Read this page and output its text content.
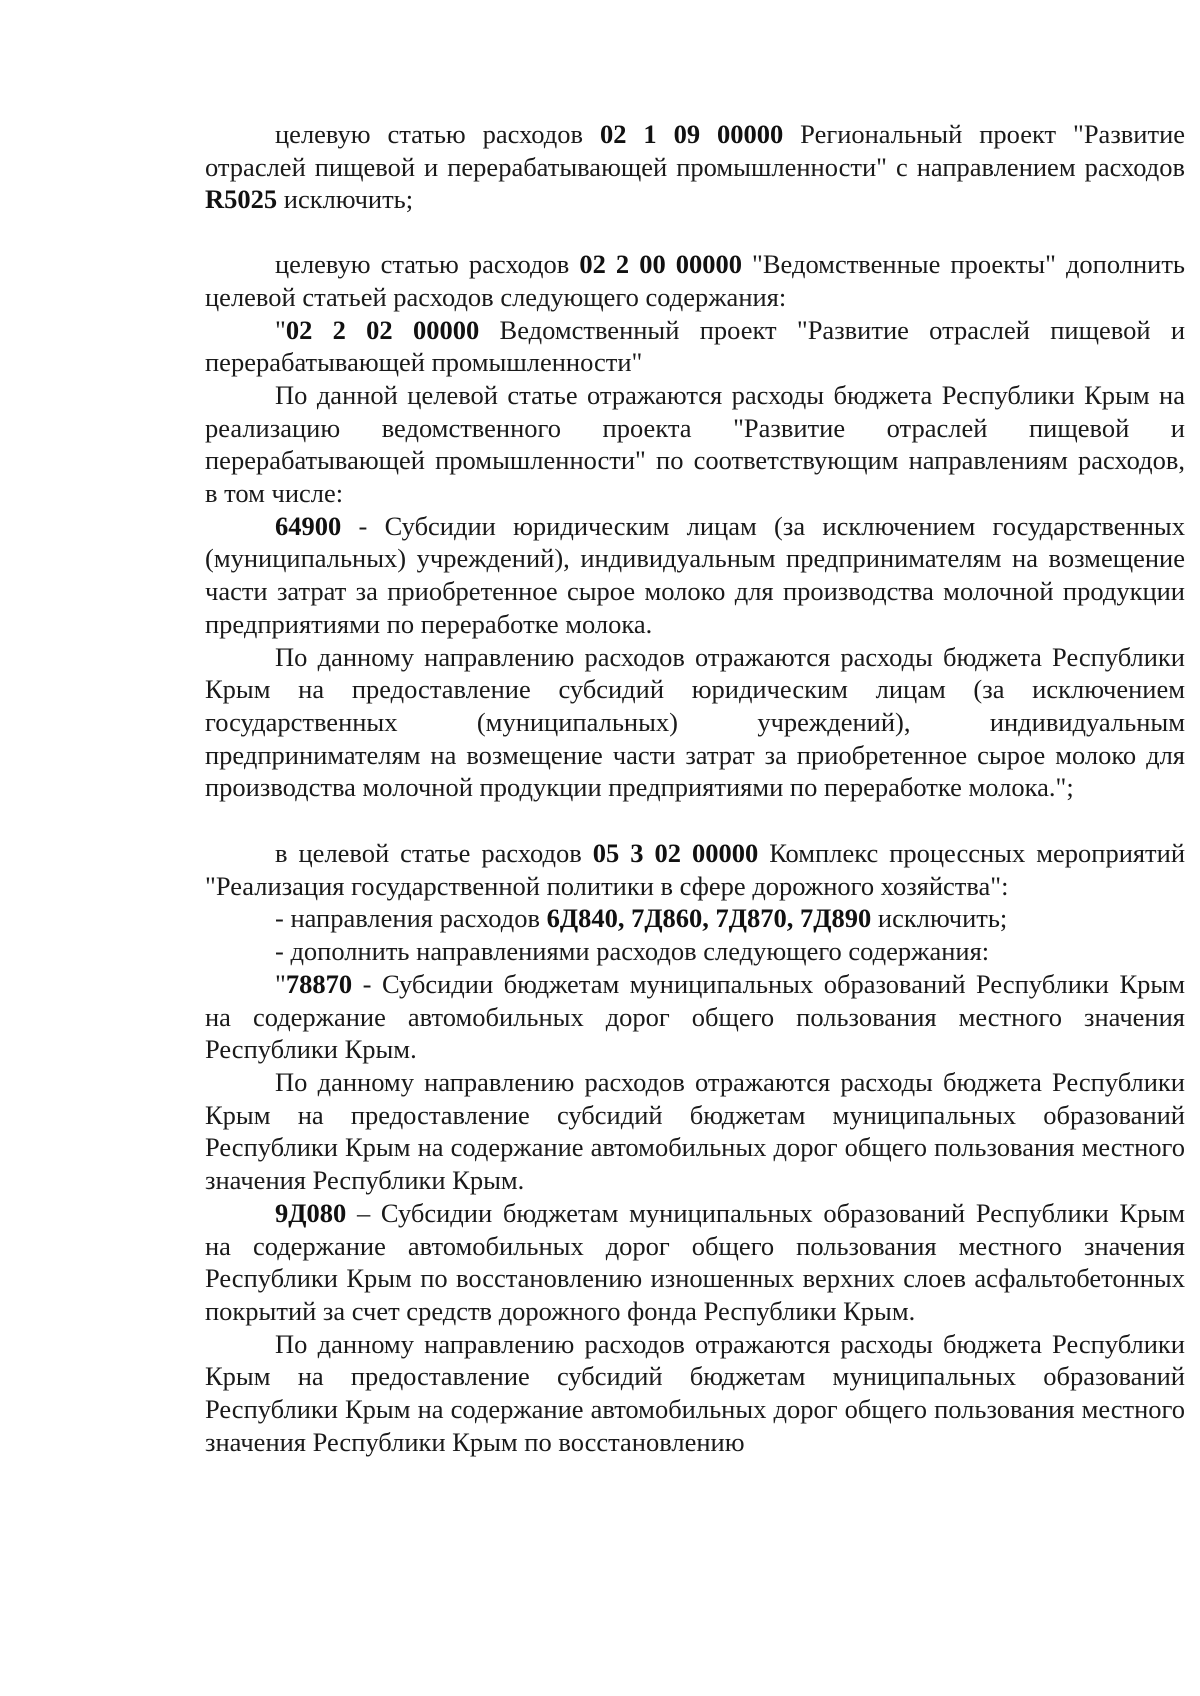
целевую статью расходов 02 1 09 00000 Региональный проект "Развитие отраслей пищевой и перерабатывающей промышленности" с направлением расходов R5025 исключить;

целевую статью расходов 02 2 00 00000 "Ведомственные проекты" дополнить целевой статьей расходов следующего содержания:

"02 2 02 00000 Ведомственный проект "Развитие отраслей пищевой и перерабатывающей промышленности"

По данной целевой статье отражаются расходы бюджета Республики Крым на реализацию ведомственного проекта "Развитие отраслей пищевой и перерабатывающей промышленности" по соответствующим направлениям расходов, в том числе:

64900 - Субсидии юридическим лицам (за исключением государственных (муниципальных) учреждений), индивидуальным предпринимателям на возмещение части затрат за приобретенное сырое молоко для производства молочной продукции предприятиями по переработке молока.

По данному направлению расходов отражаются расходы бюджета Республики Крым на предоставление субсидий юридическим лицам (за исключением государственных (муниципальных) учреждений), индивидуальным предпринимателям на возмещение части затрат за приобретенное сырое молоко для производства молочной продукции предприятиями по переработке молока.";

в целевой статье расходов 05 3 02 00000 Комплекс процессных мероприятий "Реализация государственной политики в сфере дорожного хозяйства":

- направления расходов 6Д840, 7Д860, 7Д870, 7Д890 исключить;

- дополнить направлениями расходов следующего содержания:

"78870 - Субсидии бюджетам муниципальных образований Республики Крым на содержание автомобильных дорог общего пользования местного значения Республики Крым.

По данному направлению расходов отражаются расходы бюджета Республики Крым на предоставление субсидий бюджетам муниципальных образований Республики Крым на содержание автомобильных дорог общего пользования местного значения Республики Крым.

9Д080 – Субсидии бюджетам муниципальных образований Республики Крым на содержание автомобильных дорог общего пользования местного значения Республики Крым по восстановлению изношенных верхних слоев асфальтобетонных покрытий за счет средств дорожного фонда Республики Крым.

По данному направлению расходов отражаются расходы бюджета Республики Крым на предоставление субсидий бюджетам муниципальных образований Республики Крым на содержание автомобильных дорог общего пользования местного значения Республики Крым по восстановлению
